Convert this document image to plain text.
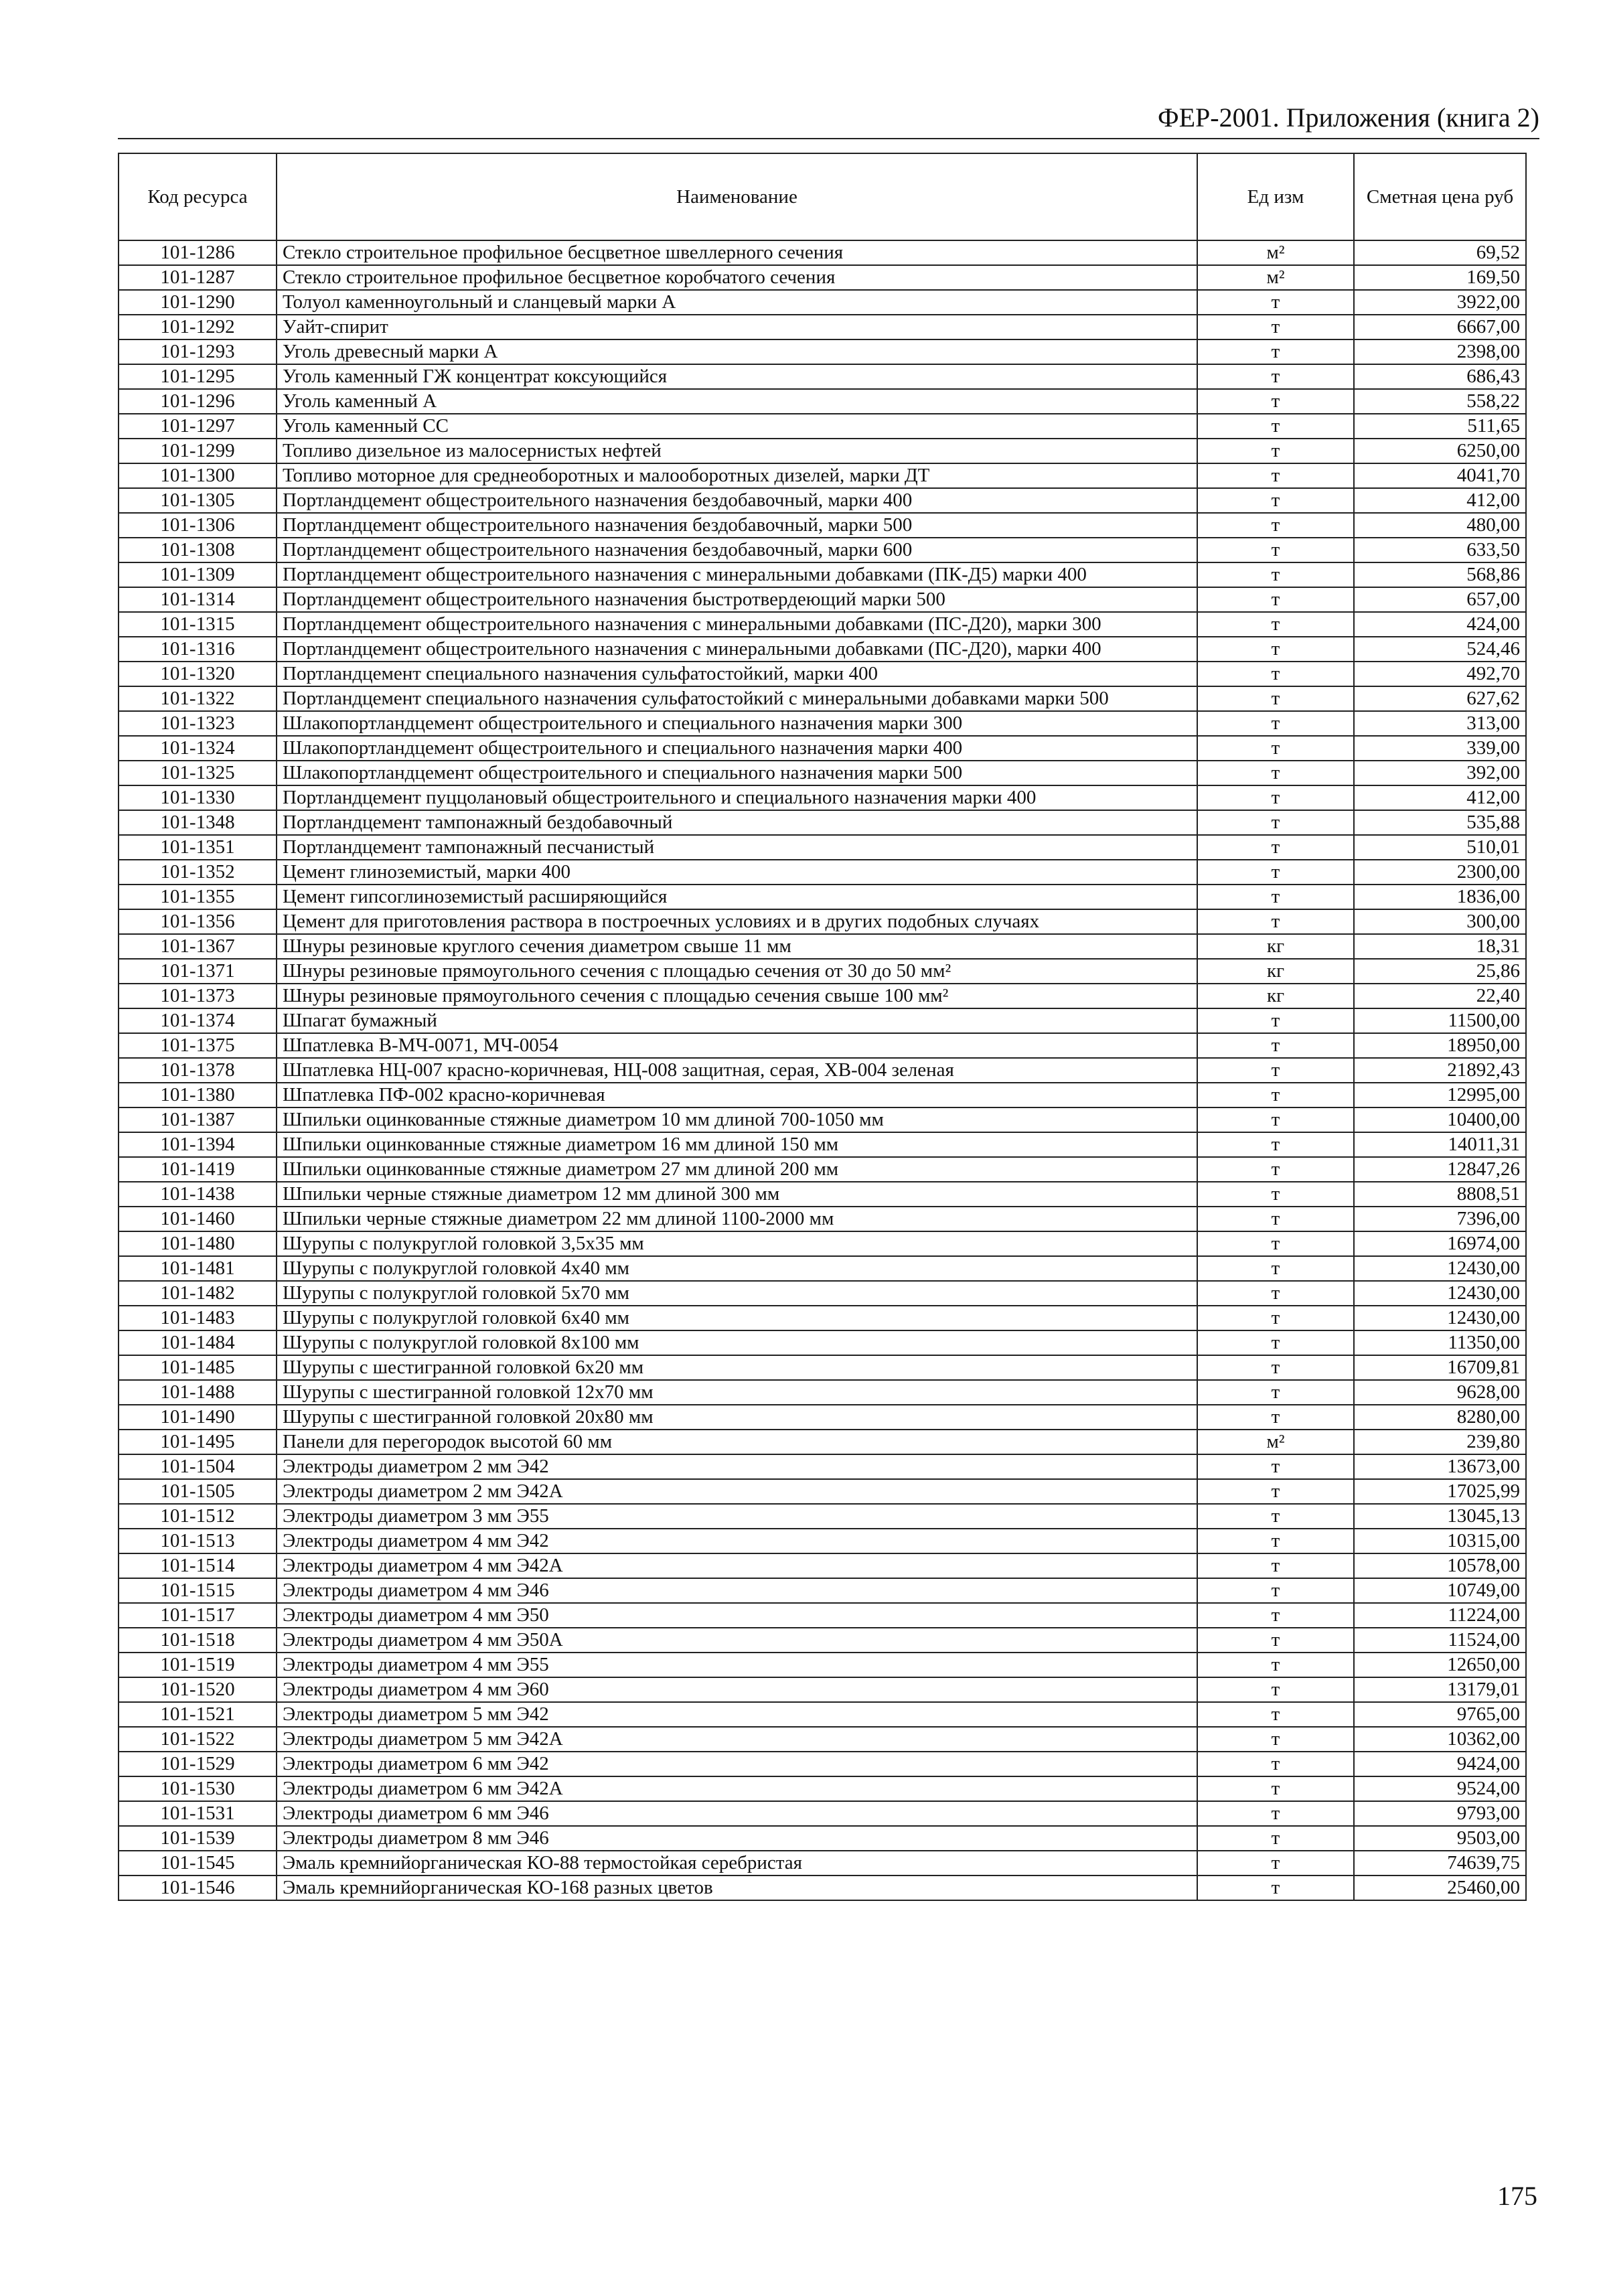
ФЕР-2001. Приложения (книга 2)
Код ресурса	Наименование	Ед изм	Сметная цена руб
101-1286	Стекло строительное профильное бесцветное швеллерного сечения	м²	69,52
101-1287	Стекло строительное профильное бесцветное коробчатого сечения	м²	169,50
101-1290	Толуол каменноугольный и сланцевый марки А	т	3922,00
101-1292	Уайт-спирит	т	6667,00
101-1293	Уголь древесный марки А	т	2398,00
101-1295	Уголь каменный ГЖ концентрат коксующийся	т	686,43
101-1296	Уголь каменный А	т	558,22
101-1297	Уголь каменный СС	т	511,65
101-1299	Топливо дизельное из малосернистых нефтей	т	6250,00
101-1300	Топливо моторное для среднеоборотных и малооборотных дизелей, марки ДТ	т	4041,70
101-1305	Портландцемент общестроительного назначения бездобавочный, марки 400	т	412,00
101-1306	Портландцемент общестроительного назначения бездобавочный, марки 500	т	480,00
101-1308	Портландцемент общестроительного назначения бездобавочный, марки 600	т	633,50
101-1309	Портландцемент общестроительного назначения с минеральными добавками (ПК-Д5) марки 400	т	568,86
101-1314	Портландцемент общестроительного назначения быстротвердеющий марки 500	т	657,00
101-1315	Портландцемент общестроительного назначения с минеральными добавками (ПС-Д20), марки 300	т	424,00
101-1316	Портландцемент общестроительного назначения с минеральными добавками (ПС-Д20), марки 400	т	524,46
101-1320	Портландцемент специального назначения сульфатостойкий, марки 400	т	492,70
101-1322	Портландцемент специального назначения сульфатостойкий с минеральными добавками марки 500	т	627,62
101-1323	Шлакопортландцемент общестроительного и специального назначения марки 300	т	313,00
101-1324	Шлакопортландцемент общестроительного и специального назначения марки 400	т	339,00
101-1325	Шлакопортландцемент общестроительного и специального назначения марки 500	т	392,00
101-1330	Портландцемент пуццолановый общестроительного и специального назначения марки 400	т	412,00
101-1348	Портландцемент тампонажный бездобавочный	т	535,88
101-1351	Портландцемент тампонажный песчанистый	т	510,01
101-1352	Цемент глиноземистый, марки 400	т	2300,00
101-1355	Цемент гипсоглиноземистый расширяющийся	т	1836,00
101-1356	Цемент для приготовления раствора в построечных условиях и в других подобных случаях	т	300,00
101-1367	Шнуры резиновые круглого сечения диаметром свыше 11 мм	кг	18,31
101-1371	Шнуры резиновые прямоугольного сечения с площадью сечения от 30 до 50 мм²	кг	25,86
101-1373	Шнуры резиновые прямоугольного сечения с площадью сечения свыше 100 мм²	кг	22,40
101-1374	Шпагат бумажный	т	11500,00
101-1375	Шпатлевка В-МЧ-0071, МЧ-0054	т	18950,00
101-1378	Шпатлевка НЦ-007 красно-коричневая, НЦ-008 защитная, серая, ХВ-004 зеленая	т	21892,43
101-1380	Шпатлевка ПФ-002 красно-коричневая	т	12995,00
101-1387	Шпильки оцинкованные стяжные диаметром 10 мм длиной 700-1050 мм	т	10400,00
101-1394	Шпильки оцинкованные стяжные диаметром 16 мм длиной 150 мм	т	14011,31
101-1419	Шпильки оцинкованные стяжные диаметром 27 мм длиной 200 мм	т	12847,26
101-1438	Шпильки черные стяжные диаметром 12 мм длиной 300 мм	т	8808,51
101-1460	Шпильки черные стяжные диаметром 22 мм длиной 1100-2000 мм	т	7396,00
101-1480	Шурупы с полукруглой головкой 3,5х35 мм	т	16974,00
101-1481	Шурупы с полукруглой головкой 4х40 мм	т	12430,00
101-1482	Шурупы с полукруглой головкой 5х70 мм	т	12430,00
101-1483	Шурупы с полукруглой головкой 6х40 мм	т	12430,00
101-1484	Шурупы с полукруглой головкой 8х100 мм	т	11350,00
101-1485	Шурупы с шестигранной головкой 6х20 мм	т	16709,81
101-1488	Шурупы с шестигранной головкой 12х70 мм	т	9628,00
101-1490	Шурупы с шестигранной головкой 20х80 мм	т	8280,00
101-1495	Панели для перегородок высотой 60 мм	м²	239,80
101-1504	Электроды диаметром 2 мм Э42	т	13673,00
101-1505	Электроды диаметром 2 мм Э42А	т	17025,99
101-1512	Электроды диаметром 3 мм Э55	т	13045,13
101-1513	Электроды диаметром 4 мм Э42	т	10315,00
101-1514	Электроды диаметром 4 мм Э42А	т	10578,00
101-1515	Электроды диаметром 4 мм Э46	т	10749,00
101-1517	Электроды диаметром 4 мм Э50	т	11224,00
101-1518	Электроды диаметром 4 мм Э50А	т	11524,00
101-1519	Электроды диаметром 4 мм Э55	т	12650,00
101-1520	Электроды диаметром 4 мм Э60	т	13179,01
101-1521	Электроды диаметром 5 мм Э42	т	9765,00
101-1522	Электроды диаметром 5 мм Э42А	т	10362,00
101-1529	Электроды диаметром 6 мм Э42	т	9424,00
101-1530	Электроды диаметром 6 мм Э42А	т	9524,00
101-1531	Электроды диаметром 6 мм Э46	т	9793,00
101-1539	Электроды диаметром 8 мм Э46	т	9503,00
101-1545	Эмаль кремнийорганическая КО-88 термостойкая серебристая	т	74639,75
101-1546	Эмаль кремнийорганическая КО-168 разных цветов	т	25460,00
175
